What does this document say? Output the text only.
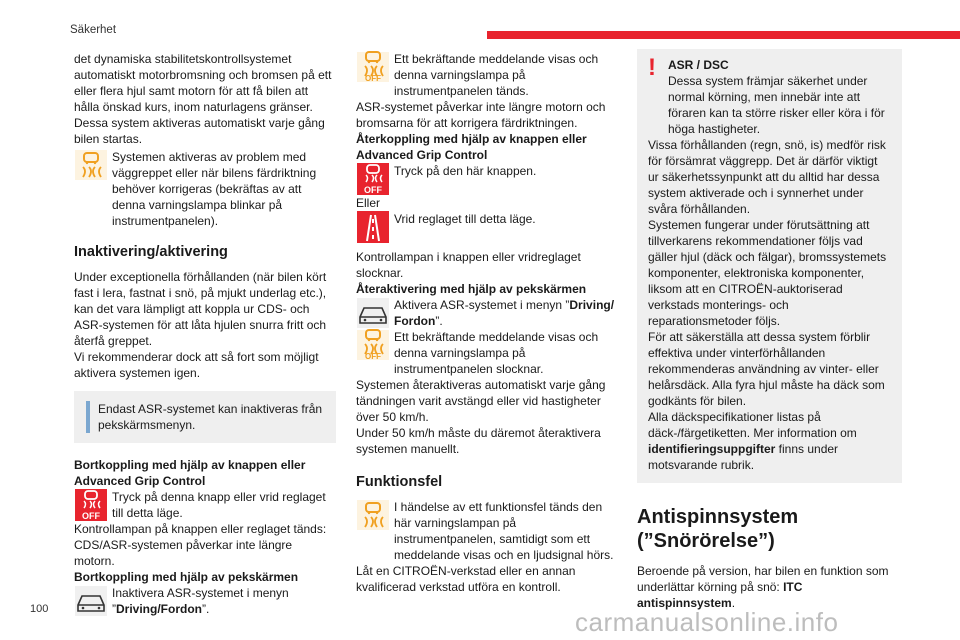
Säkerhet

det dynamiska stabilitetskontrollsystemet automatiskt motorbromsning och bromsen på ett eller flera hjul samt motorn för att få bilen att hålla önskad kurs, inom naturlagens gränser.

Dessa system aktiveras automatiskt varje gång bilen startas.

Systemen aktiveras av problem med väggreppet eller när bilens färdriktning behöver korrigeras (bekräftas av att denna varningslampa blinkar på instrumentpanelen).
Inaktivering/aktivering

Under exceptionella förhållanden (när bilen kört fast i lera, fastnat i snö, på mjukt underlag etc.), kan det vara lämpligt att koppla ur CDS- och ASR-systemen för att låta hjulen snurra fritt och återfå greppet.

Vi rekommenderar dock att så fort som möjligt aktivera systemen igen.

Endast ASR-systemet kan inaktiveras från pekskärmsmenyn.

Bortkoppling med hjälp av knappen eller Advanced Grip Control

Tryck på denna knapp eller vrid reglaget till detta läge.

Kontrollampan på knappen eller reglaget tänds: CDS/ASR-systemen påverkar inte längre motorn.

Bortkoppling med hjälp av pekskärmen

Inaktivera ASR-systemet i menyn ”Driving/Fordon”.
OFF
Ett bekräftande meddelande visas och denna varningslampa på instrumentpanelen tänds.

ASR-systemet påverkar inte längre motorn och bromsarna för att korrigera färdriktningen.

Återkoppling med hjälp av knappen eller Advanced Grip Control

Tryck på den här knappen.

Eller

Vrid reglaget till detta läge.

Kontrollampan i knappen eller vridreglaget slocknar.

Återaktivering med hjälp av pekskärmen

Aktivera ASR-systemet i menyn ”Driving/ Fordon”.
OFF
Ett bekräftande meddelande visas och denna varningslampa på instrumentpanelen slocknar.

Systemen återaktiveras automatiskt varje gång tändningen varit avstängd eller vid hastigheter över 50 km/h.

Under 50 km/h måste du däremot återaktivera systemen manuellt.

Funktionsfel
I händelse av ett funktionsfel tänds den här varningslampan på instrumentpanelen, samtidigt som ett meddelande visas och en ljudsignal hörs.

Låt en CITROËN-verkstad eller en annan kvalificerad verkstad utföra en kontroll.

!	ASR / DSC
Dessa system främjar säkerhet under normal körning, men innebär inte att föraren kan ta större risker eller köra i för höga hastigheter.

Vissa förhållanden (regn, snö, is) medför risk för försämrat väggrepp. Det är därför viktigt ur säkerhetssynpunkt att du alltid har dessa system aktiverade och i synnerhet under svåra förhållanden.

Systemen fungerar under förutsättning att tillverkarens rekommendationer följs vad gäller hjul (däck och fälgar), bromssystemets komponenter, elektroniska komponenter, liksom att en CITROËN-auktoriserad verkstads monterings- och reparationsmetoder följs.

För att säkerställa att dessa system förblir effektiva under vinterförhållanden rekommenderas användning av vinter- eller helårsdäck. Alla fyra hjul måste ha däck som godkänts för bilen.

Alla däckspecifikationer listas på däck-/färgetiketten. Mer information om identifieringsuppgifter finns under motsvarande rubrik.

Antispinnsystem
(”Snörörelse”)

Beroende på version, har bilen en funktion som underlättar körning på snö: ITC antispinnsystem.

100	carmanualsonline.info
